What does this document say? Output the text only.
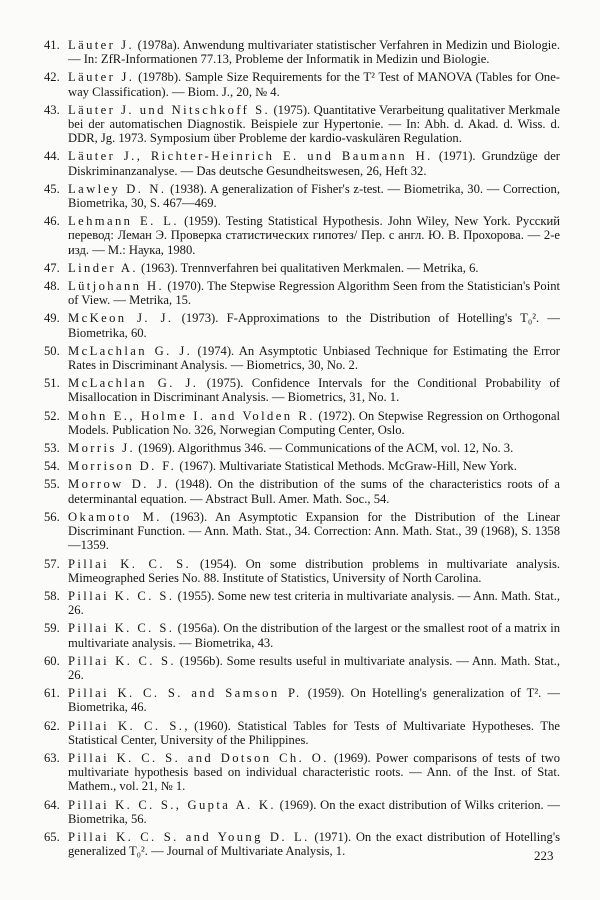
41. Läuter J. (1978a). Anwendung multivariater statistischer Verfahren in Medizin und Biologie. — In: ZfR-Informationen 77.13, Probleme der Informatik in Medizin und Biologie.
42. Läuter J. (1978b). Sample Size Requirements for the T² Test of MANOVA (Tables for One-way Classification). — Biom. J., 20, № 4.
43. Läuter J. und Nitschkoff S. (1975). Quantitative Verarbeitung qualitativer Merkmale bei der automatischen Diagnostik. Beispiele zur Hypertonie. — In: Abh. d. Akad. d. Wiss. d. DDR, Jg. 1973. Symposium über Probleme der kardio-vaskulären Regulation.
44. Läuter J., Richter-Heinrich E. und Baumann H. (1971). Grundzüge der Diskriminanzanalyse. — Das deutsche Gesundheitswesen, 26, Heft 32.
45. Lawley D. N. (1938). A generalization of Fisher's z-test. — Biometrika, 30. — Correction, Biometrika, 30, S. 467—469.
46. Lehmann E. L. (1959). Testing Statistical Hypothesis. John Wiley, New York. Русский перевод: Леман Э. Проверка статистических гипотез/ Пер. с англ. Ю. В. Прохорова. — 2-е изд. — М.: Наука, 1980.
47. Linder A. (1963). Trennverfahren bei qualitativen Merkmalen. — Metrika, 6.
48. Lütjohann H. (1970). The Stepwise Regression Algorithm Seen from the Statistician's Point of View. — Metrika, 15.
49. McKeon J. J. (1973). F-Approximations to the Distribution of Hotelling's T₀². — Biometrika, 60.
50. McLachlan G. J. (1974). An Asymptotic Unbiased Technique for Estimating the Error Rates in Discriminant Analysis. — Biometrics, 30, No. 2.
51. McLachlan G. J. (1975). Confidence Intervals for the Conditional Probability of Misallocation in Discriminant Analysis. — Biometrics, 31, No. 1.
52. Mohn E., Holme I. and Volden R. (1972). On Stepwise Regression on Orthogonal Models. Publication No. 326, Norwegian Computing Center, Oslo.
53. Morris J. (1969). Algorithmus 346. — Communications of the ACM, vol. 12, No. 3.
54. Morrison D. F. (1967). Multivariate Statistical Methods. McGraw-Hill, New York.
55. Morrow D. J. (1948). On the distribution of the sums of the characteristics roots of a determinantal equation. — Abstract Bull. Amer. Math. Soc., 54.
56. Okamoto M. (1963). An Asymptotic Expansion for the Distribution of the Linear Discriminant Function. — Ann. Math. Stat., 34. Correction: Ann. Math. Stat., 39 (1968), S. 1358—1359.
57. Pillai K. C. S. (1954). On some distribution problems in multivariate analysis. Mimeographed Series No. 88. Institute of Statistics, University of North Carolina.
58. Pillai K. C. S. (1955). Some new test criteria in multivariate analysis. — Ann. Math. Stat., 26.
59. Pillai K. C. S. (1956a). On the distribution of the largest or the smallest root of a matrix in multivariate analysis. — Biometrika, 43.
60. Pillai K. C. S. (1956b). Some results useful in multivariate analysis. — Ann. Math. Stat., 26.
61. Pillai K. C. S. and Samson P. (1959). On Hotelling's generalization of T². — Biometrika, 46.
62. Pillai K. C. S., (1960). Statistical Tables for Tests of Multivariate Hypotheses. The Statistical Center, University of the Philippines.
63. Pillai K. C. S. and Dotson Ch. O. (1969). Power comparisons of tests of two multivariate hypothesis based on individual characteristic roots. — Ann. of the Inst. of Stat. Mathem., vol. 21, № 1.
64. Pillai K. C. S., Gupta A. K. (1969). On the exact distribution of Wilks criterion. — Biometrika, 56.
65. Pillai K. C. S. and Young D. L. (1971). On the exact distribution of Hotelling's generalized T₀². — Journal of Multivariate Analysis, 1.	223
